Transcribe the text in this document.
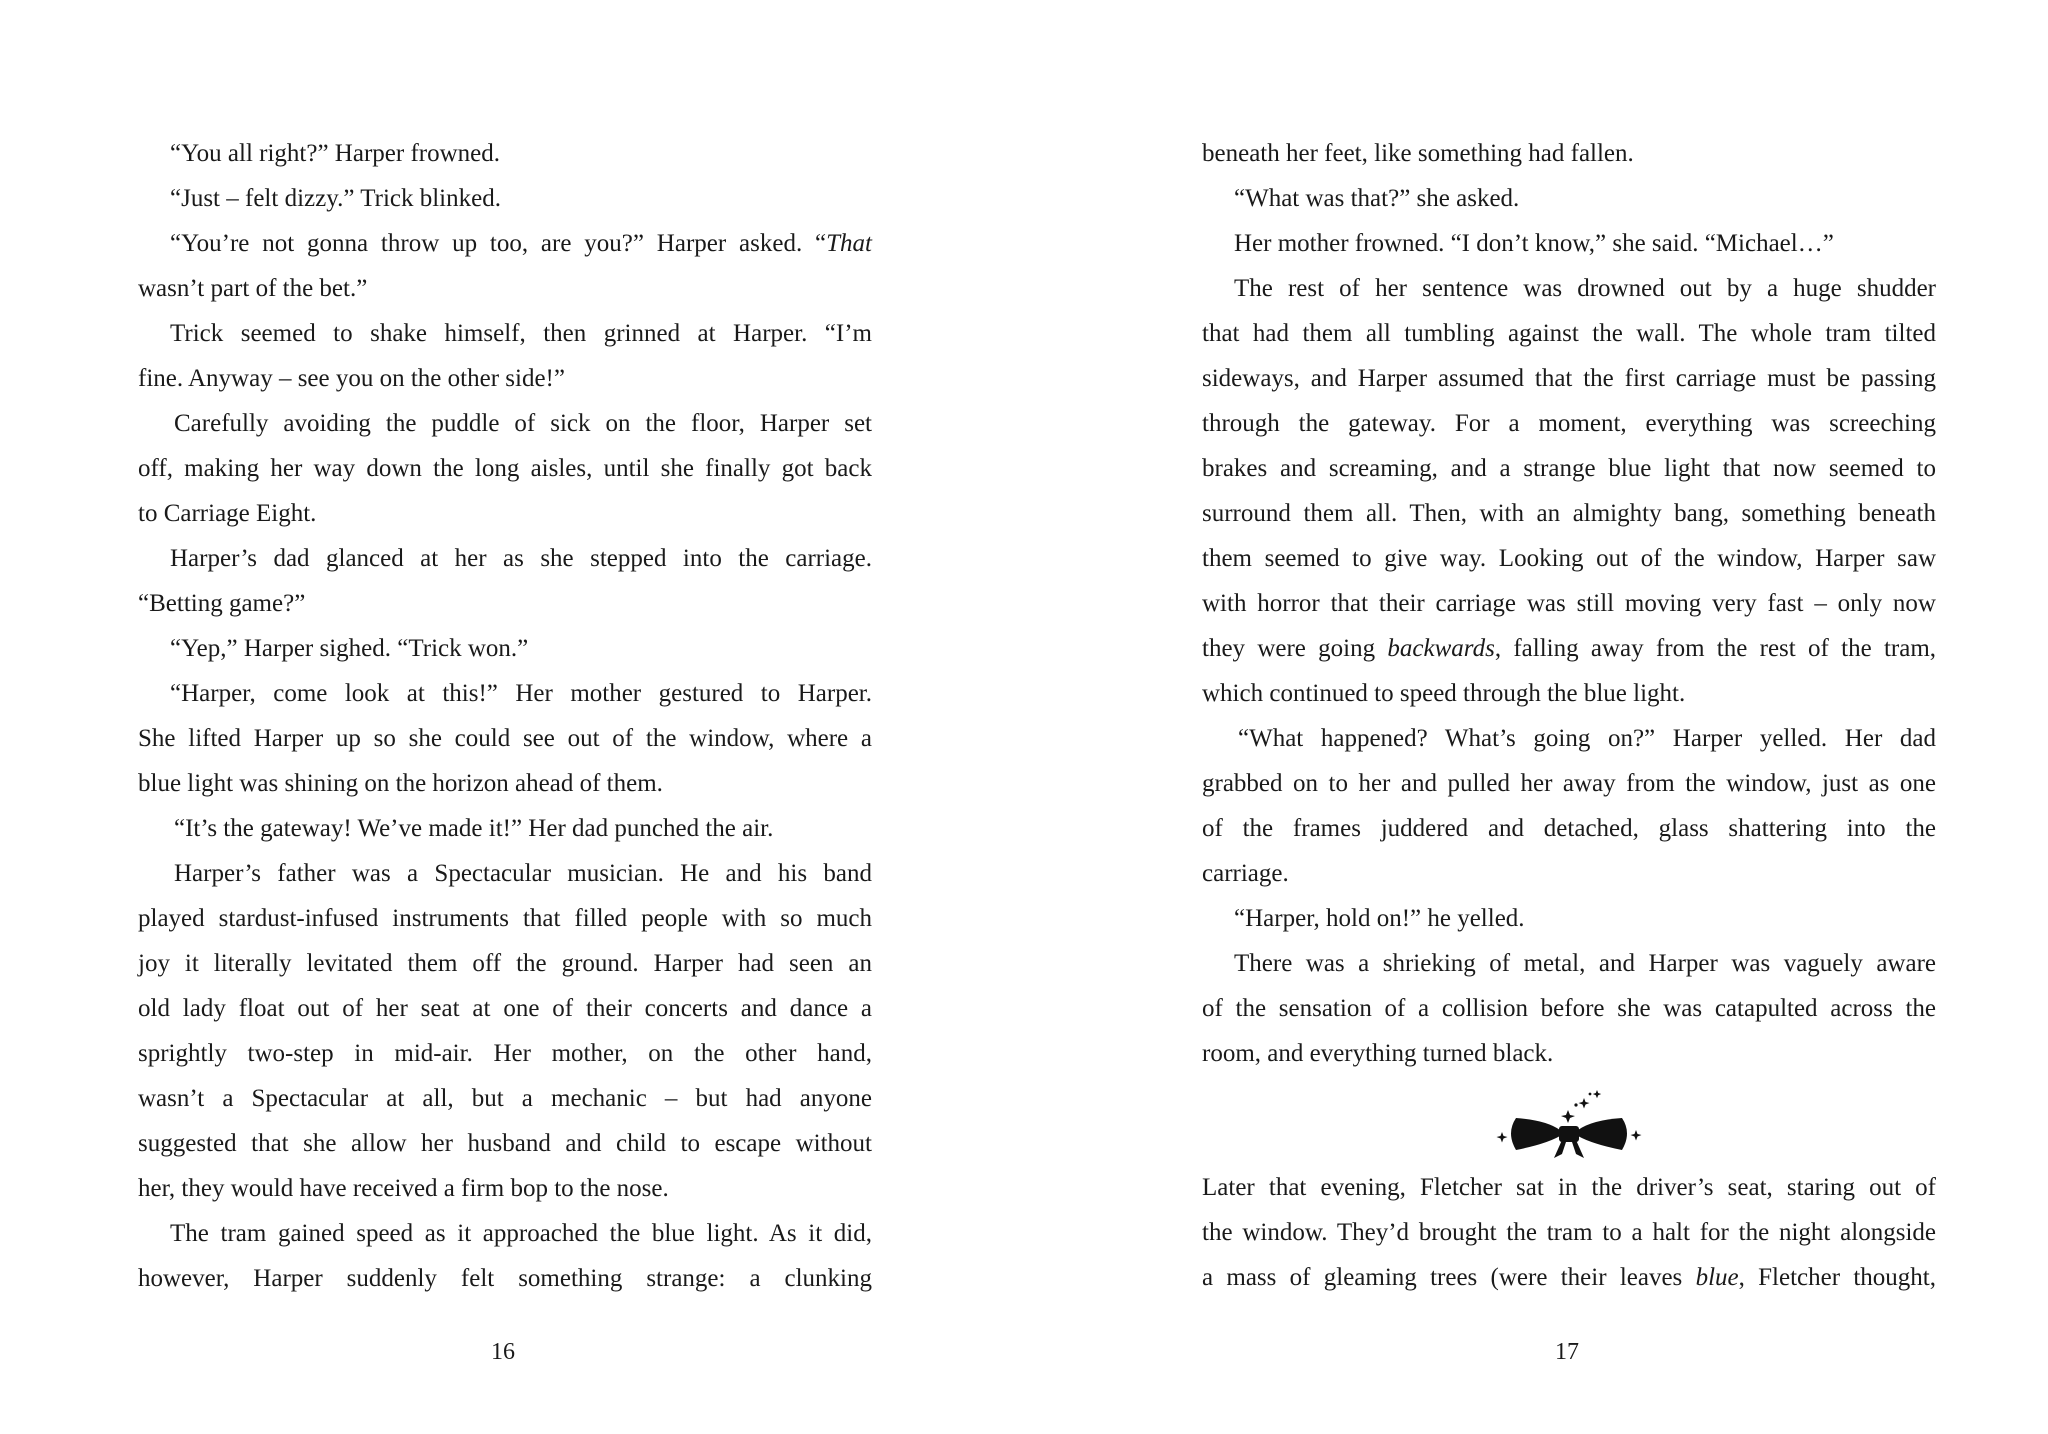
“You all right?” Harper frowned.
“Just – felt dizzy.” Trick blinked.
“You’re not gonna throw up too, are you?” Harper asked. “That
wasn’t part of the bet.”
Trick seemed to shake himself, then grinned at Harper. “I’m
fine. Anyway – see you on the other side!”
Carefully avoiding the puddle of sick on the floor, Harper set
off, making her way down the long aisles, until she finally got back
to Carriage Eight.
Harper’s dad glanced at her as she stepped into the carriage.
“Betting game?”
“Yep,” Harper sighed. “Trick won.”
“Harper, come look at this!” Her mother gestured to Harper.
She lifted Harper up so she could see out of the window, where a
blue light was shining on the horizon ahead of them.
“It’s the gateway! We’ve made it!” Her dad punched the air.
Harper’s father was a Spectacular musician. He and his band
played stardust-infused instruments that filled people with so much
joy it literally levitated them off the ground. Harper had seen an
old lady float out of her seat at one of their concerts and dance a
sprightly two-step in mid-air. Her mother, on the other hand,
wasn’t a Spectacular at all, but a mechanic – but had anyone
suggested that she allow her husband and child to escape without
her, they would have received a firm bop to the nose.
The tram gained speed as it approached the blue light. As it did,
however, Harper suddenly felt something strange: a clunking
beneath her feet, like something had fallen.
“What was that?” she asked.
Her mother frowned. “I don’t know,” she said. “Michael…”
The rest of her sentence was drowned out by a huge shudder
that had them all tumbling against the wall. The whole tram tilted
sideways, and Harper assumed that the first carriage must be passing
through the gateway. For a moment, everything was screeching
brakes and screaming, and a strange blue light that now seemed to
surround them all. Then, with an almighty bang, something beneath
them seemed to give way. Looking out of the window, Harper saw
with horror that their carriage was still moving very fast – only now
they were going backwards, falling away from the rest of the tram,
which continued to speed through the blue light.
“What happened? What’s going on?” Harper yelled. Her dad
grabbed on to her and pulled her away from the window, just as one
of the frames juddered and detached, glass shattering into the
carriage.
“Harper, hold on!” he yelled.
There was a shrieking of metal, and Harper was vaguely aware
of the sensation of a collision before she was catapulted across the
room, and everything turned black.
Later that evening, Fletcher sat in the driver’s seat, staring out of
the window. They’d brought the tram to a halt for the night alongside
a mass of gleaming trees (were their leaves blue, Fletcher thought,
16	17
